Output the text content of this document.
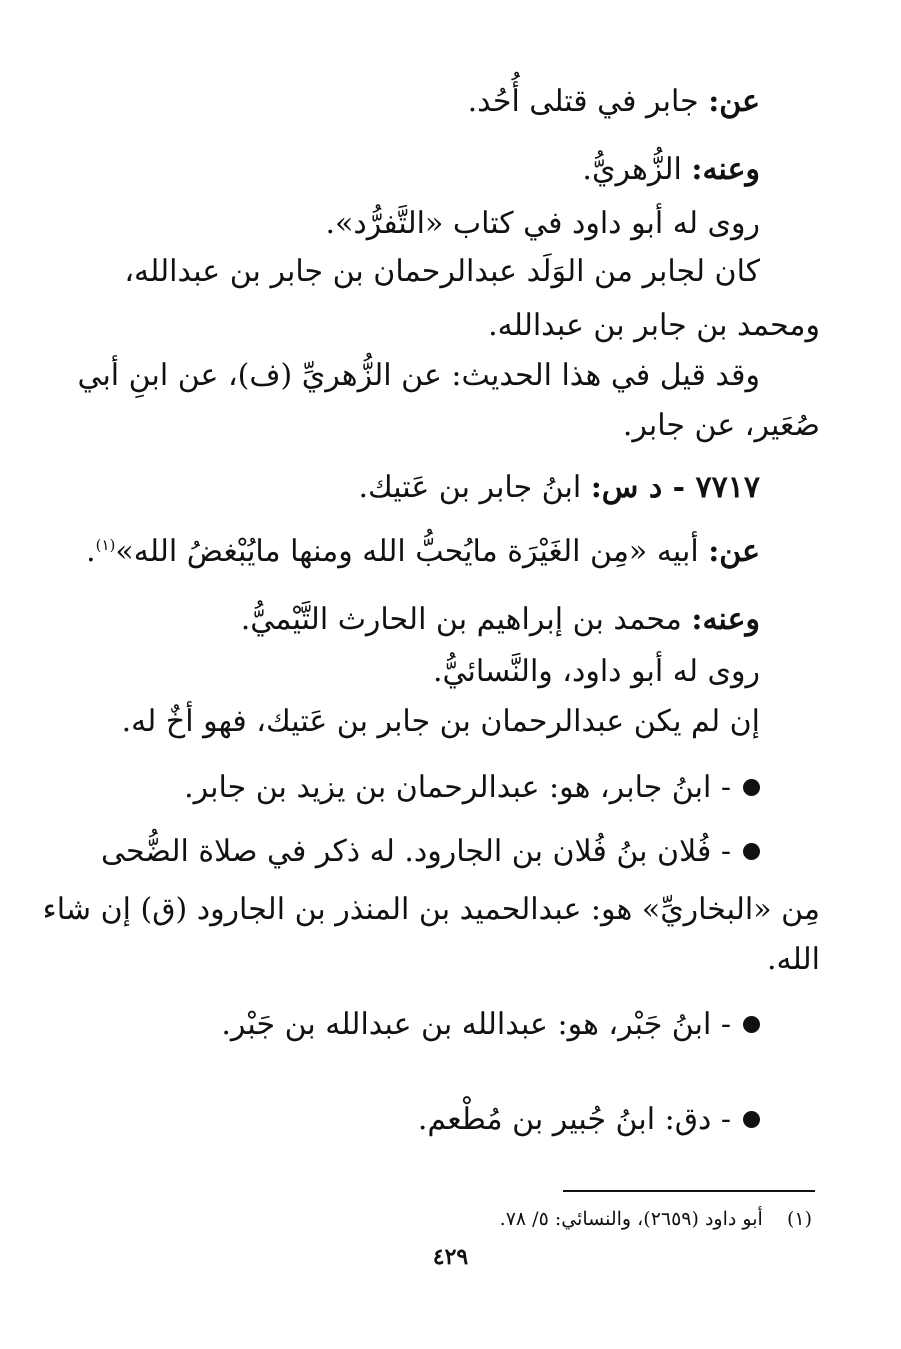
عن: جابر في قتلى أُحُد.
وعنه: الزُّهريُّ.
روى له أبو داود في كتاب «التَّفرُّد».
كان لجابر من الوَلَد عبدالرحمان بن جابر بن عبدالله،
ومحمد بن جابر بن عبدالله.
وقد قيل في هذا الحديث: عن الزُّهريِّ (ف)، عن ابنِ أبي
صُعَير، عن جابر.
٧٧١٧ - د س: ابنُ جابر بن عَتيك.
عن: أبيه «مِن الغَيْرَة مايُحبُّ الله ومنها مايُبْغضُ الله»$^{(١)}$.
وعنه: محمد بن إبراهيم بن الحارث التَّيْميُّ.
روى له أبو داود، والنَّسائيُّ.
إن لم يكن عبدالرحمان بن جابر بن عَتيك، فهو أخٌ له.
- ابنُ جابر، هو: عبدالرحمان بن يزيد بن جابر.
- فُلان بنُ فُلان بن الجارود. له ذكر في صلاة الضُّحى
مِن «البخاريِّ» هو: عبدالحميد بن المنذر بن الجارود (ق) إن شاء
الله.
- ابنُ جَبْر، هو: عبدالله بن عبدالله بن جَبْر.
- دق: ابنُ جُبير بن مُطْعم.
(١)    أبو داود (٢٦٥٩)، والنسائي: ٥/ ٧٨.
٤٢٩
